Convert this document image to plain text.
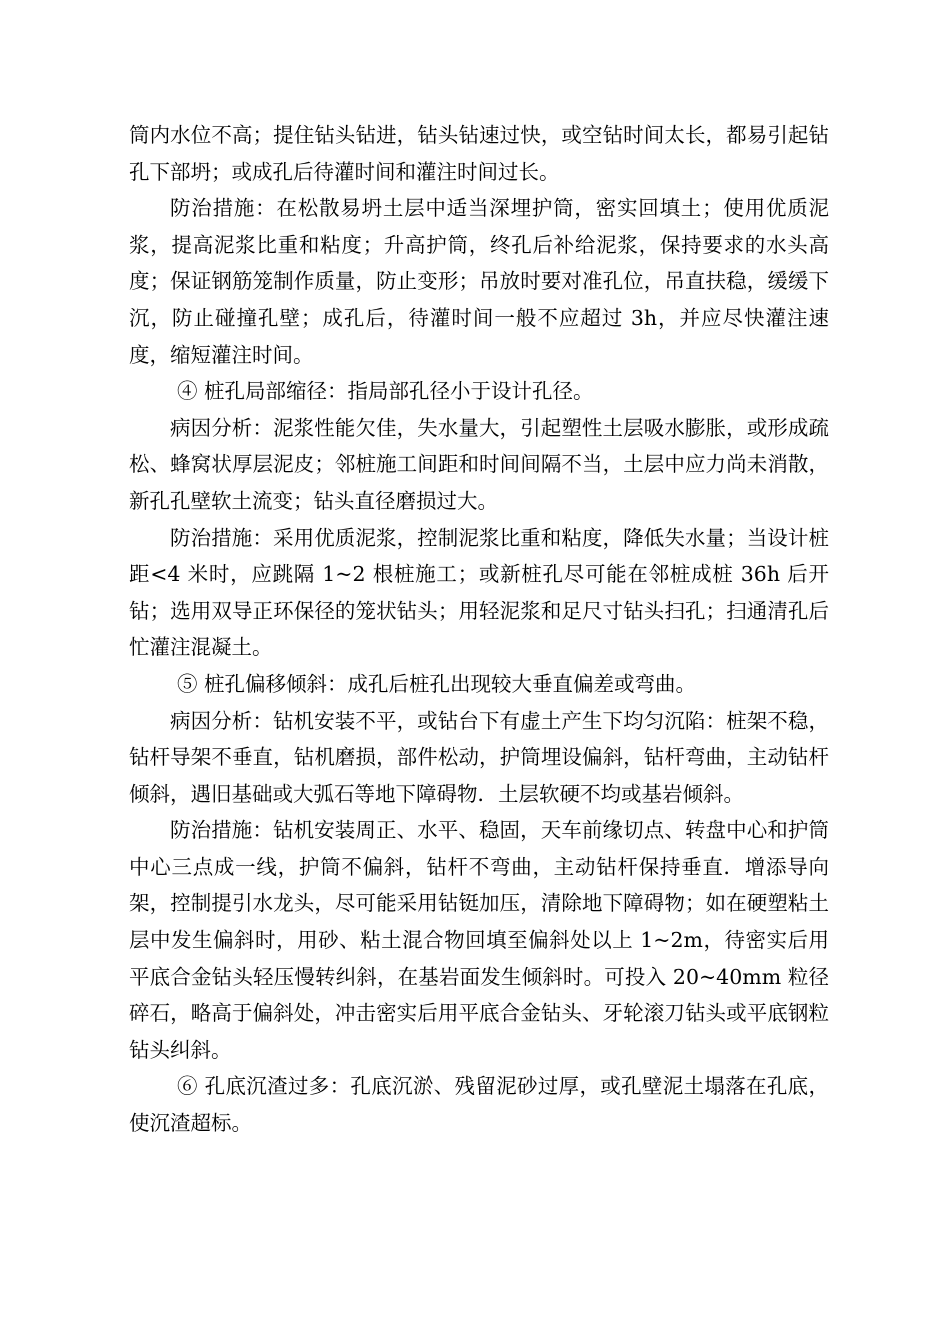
筒内水位不高；提住钻头钻进，钻头钻速过快，或空钻时间太长，都易引起钻孔下部坍；或成孔后待灌时间和灌注时间过长。

防治措施：在松散易坍土层中适当深埋护筒，密实回填土；使用优质泥浆，提高泥浆比重和粘度；升高护筒，终孔后补给泥浆，保持要求的水头高度；保证钢筋笼制作质量，防止变形；吊放时要对准孔位，吊直扶稳，缓缓下沉，防止碰撞孔壁；成孔后，待灌时间一般不应超过 3h，并应尽快灌注速度，缩短灌注时间。

④ 桩孔局部缩径：指局部孔径小于设计孔径。

病因分析：泥浆性能欠佳，失水量大，引起塑性土层吸水膨胀，或形成疏松、蜂窝状厚层泥皮；邻桩施工间距和时间间隔不当，土层中应力尚未消散，新孔孔壁软土流变；钻头直径磨损过大。

防治措施：采用优质泥浆，控制泥浆比重和粘度，降低失水量；当设计桩距<4 米时，应跳隔 1~2 根桩施工；或新桩孔尽可能在邻桩成桩 36h 后开钻；选用双导正环保径的笼状钻头；用轻泥浆和足尺寸钻头扫孔；扫通清孔后忙灌注混凝土。

⑤ 桩孔偏移倾斜：成孔后桩孔出现较大垂直偏差或弯曲。

病因分析：钻机安装不平，或钻台下有虚土产生下均匀沉陷：桩架不稳，钻杆导架不垂直，钻机磨损，部件松动，护筒埋设偏斜，钻杆弯曲，主动钻杆倾斜，遇旧基础或大弧石等地下障碍物．土层软硬不均或基岩倾斜。

防治措施：钻机安装周正、水平、稳固，天车前缘切点、转盘中心和护筒中心三点成一线，护筒不偏斜，钻杆不弯曲，主动钻杆保持垂直．增添导向架，控制提引水龙头，尽可能采用钻铤加压，清除地下障碍物；如在硬塑粘土层中发生偏斜时，用砂、粘土混合物回填至偏斜处以上 1~2m，待密实后用平底合金钻头轻压慢转纠斜，在基岩面发生倾斜时。可投入 20~40mm 粒径碎石，略高于偏斜处，冲击密实后用平底合金钻头、牙轮滚刀钻头或平底钢粒钻头纠斜。

⑥ 孔底沉渣过多：孔底沉淤、残留泥砂过厚，或孔壁泥土塌落在孔底，使沉渣超标。
